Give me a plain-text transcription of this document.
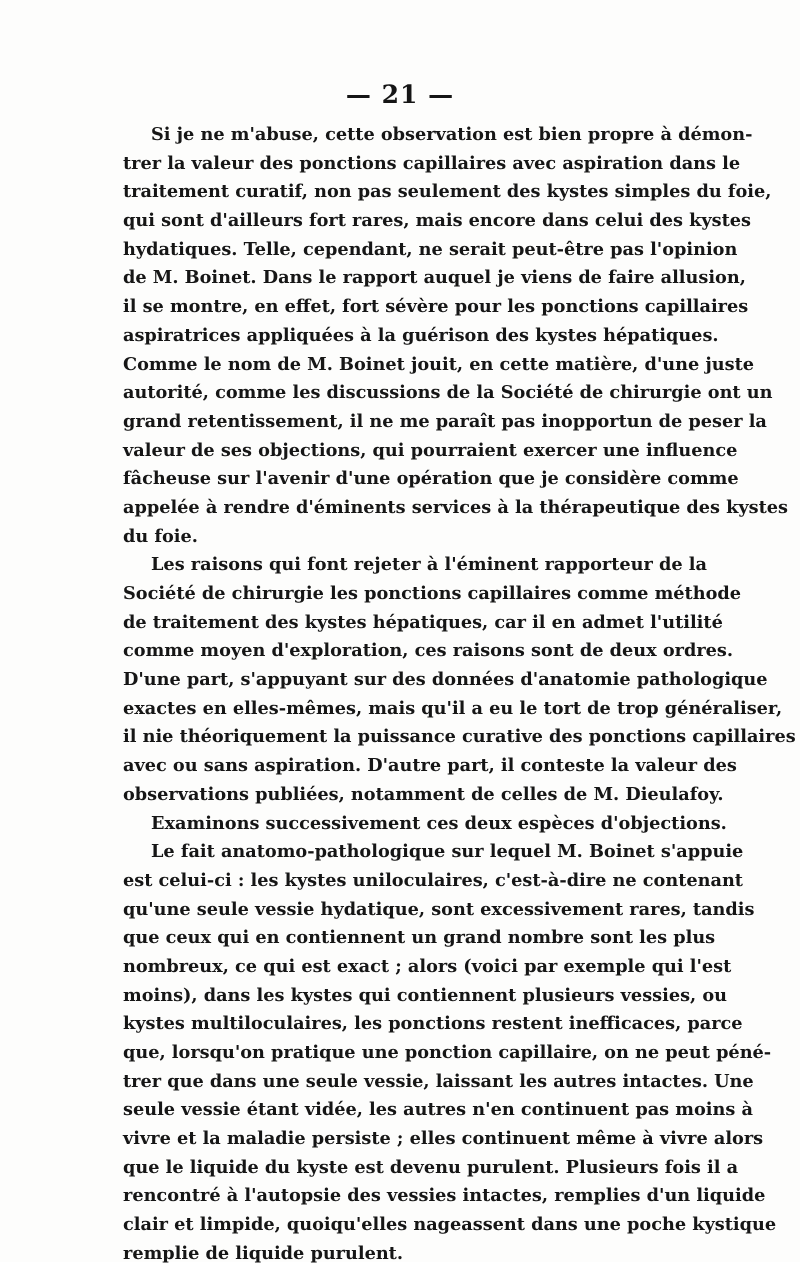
— 21 —
Si je ne m'abuse, cette observation est bien propre à démon-
trer la valeur des ponctions capillaires avec aspiration dans le
traitement curatif, non pas seulement des kystes simples du foie,
qui sont d'ailleurs fort rares, mais encore dans celui des kystes
hydatiques. Telle, cependant, ne serait peut-être pas l'opinion
de M. Boinet. Dans le rapport auquel je viens de faire allusion,
il se montre, en effet, fort sévère pour les ponctions capillaires
aspiratrices appliquées à la guérison des kystes hépatiques.
Comme le nom de M. Boinet jouit, en cette matière, d'une juste
autorité, comme les discussions de la Société de chirurgie ont un
grand retentissement, il ne me paraît pas inopportun de peser la
valeur de ses objections, qui pourraient exercer une influence
fâcheuse sur l'avenir d'une opération que je considère comme
appelée à rendre d'éminents services à la thérapeutique des kystes
du foie.
Les raisons qui font rejeter à l'éminent rapporteur de la
Société de chirurgie les ponctions capillaires comme méthode
de traitement des kystes hépatiques, car il en admet l'utilité
comme moyen d'exploration, ces raisons sont de deux ordres.
D'une part, s'appuyant sur des données d'anatomie pathologique
exactes en elles-mêmes, mais qu'il a eu le tort de trop généraliser,
il nie théoriquement la puissance curative des ponctions capillaires
avec ou sans aspiration. D'autre part, il conteste la valeur des
observations publiées, notamment de celles de M. Dieulafoy.
Examinons successivement ces deux espèces d'objections.
Le fait anatomo-pathologique sur lequel M. Boinet s'appuie
est celui-ci : les kystes uniloculaires, c'est-à-dire ne contenant
qu'une seule vessie hydatique, sont excessivement rares, tandis
que ceux qui en contiennent un grand nombre sont les plus
nombreux, ce qui est exact ; alors (voici par exemple qui l'est
moins), dans les kystes qui contiennent plusieurs vessies, ou
kystes multiloculaires, les ponctions restent inefficaces, parce
que, lorsqu'on pratique une ponction capillaire, on ne peut péné-
trer que dans une seule vessie, laissant les autres intactes. Une
seule vessie étant vidée, les autres n'en continuent pas moins à
vivre et la maladie persiste ; elles continuent même à vivre alors
que le liquide du kyste est devenu purulent. Plusieurs fois il a
rencontré à l'autopsie des vessies intactes, remplies d'un liquide
clair et limpide, quoiqu'elles nageassent dans une poche kystique
remplie de liquide purulent.
